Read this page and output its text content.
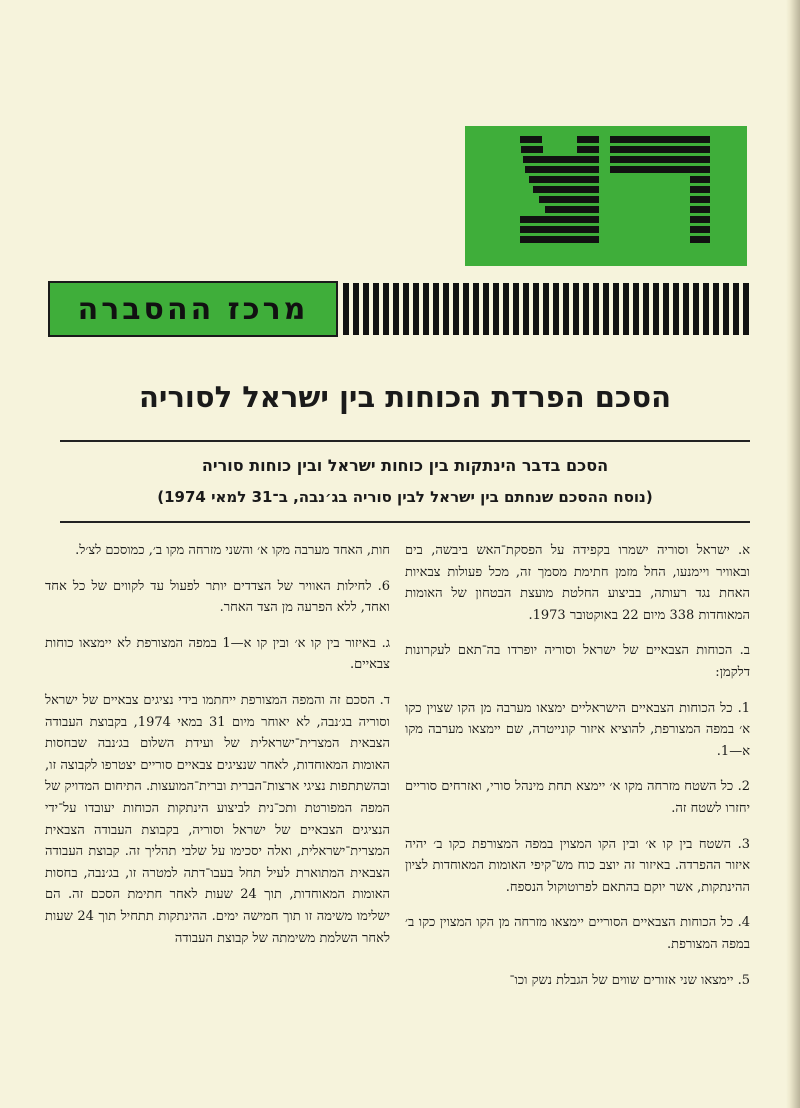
מרכז ההסברה
הסכם הפרדת הכוחות בין ישראל לסוריה
הסכם בדבר הינתקות בין כוחות ישראל ובין כוחות סוריה
(נוסח ההסכם שנחתם בין ישראל לבין סוריה בג׳נבה, ב־31 למאי 1974)

א. ישראל וסוריה ישמרו בקפידה על הפסקת־האש ביבשה, בים ובאוויר ויימנעו, החל מזמן חתימת מסמך זה, מכל פעולות צבאיות האחת נגד רעותה, בביצוע החלטת מועצת הבטחון של האומות המאוחדות 338 מיום 22 באוקטובר 1973.

ב. הכוחות הצבאיים של ישראל וסוריה יופרדו בה־תאם לעקרונות דלקמן:

1. כל הכוחות הצבאיים הישראליים ימצאו מערבה מן הקו שצוין כקו א׳ במפה המצורפת, להוציא איזור קונייטרה, שם יימצאו מערבה מקו א—1.

2. כל השטח מזרחה מקו א׳ יימצא תחת מינהל סורי, ואזרחים סוריים יחזרו לשטח זה.

3. השטח בין קו א׳ ובין הקו המצוין במפה המצורפת כקו ב׳ יהיה איזור ההפרדה. באיזור זה יוצב כוח מש־קיפי האומות המאוחדות לציון ההינתקות, אשר יוקם בהתאם לפרוטוקול הנספח.

4. כל הכוחות הצבאיים הסוריים יימצאו מזרחה מן הקו המצוין כקו ב׳ במפה המצורפת.

5. יימצאו שני אזורים שווים של הגבלת נשק וכו־

חות, האחד מערבה מקו א׳ והשני מזרחה מקו ב׳, כמוסכם לצ׳ל.

6. לחילות האוויר של הצדדים יותר לפעול עד לקווים של כל אחד ואחד, ללא הפרעה מן הצד האחר.

ג. באיזור בין קו א׳ ובין קו א—1 במפה המצורפת לא יימצאו כוחות צבאיים.

ד. הסכם זה והמפה המצורפת ייחתמו בידי נציגים צבאיים של ישראל וסוריה בג׳נבה, לא יאוחר מיום 31 במאי 1974, בקבוצת העבודה הצבאית המצרית־ישראלית של ועידת השלום בג׳נבה שבחסות האומות המאוחדות, לאחר שנציגים צבאיים סוריים יצטרפו לקבוצה זו, ובהשתתפות נציגי ארצות־הברית וברית־המועצות. התיחום המדויק של המפה המפורטת ותכ־נית לביצוע הינתקות הכוחות יעובדו על־ידי הנציגים הצבאיים של ישראל וסוריה, בקבוצת העבודה הצבאית המצרית־ישראלית, ואלה יסכימו על שלבי תהליך זה. קבוצת העבודה הצבאית המתוארת לעיל תחל בעבו־דתה למטרה זו, בג׳נבה, בחסות האומות המאוחדות, תוך 24 שעות לאחר חתימת הסכם זה. הם ישלימו משימה זו תוך חמישה ימים. ההינתקות תתחיל תוך 24 שעות לאחר השלמת משימתה של קבוצת העבודה
